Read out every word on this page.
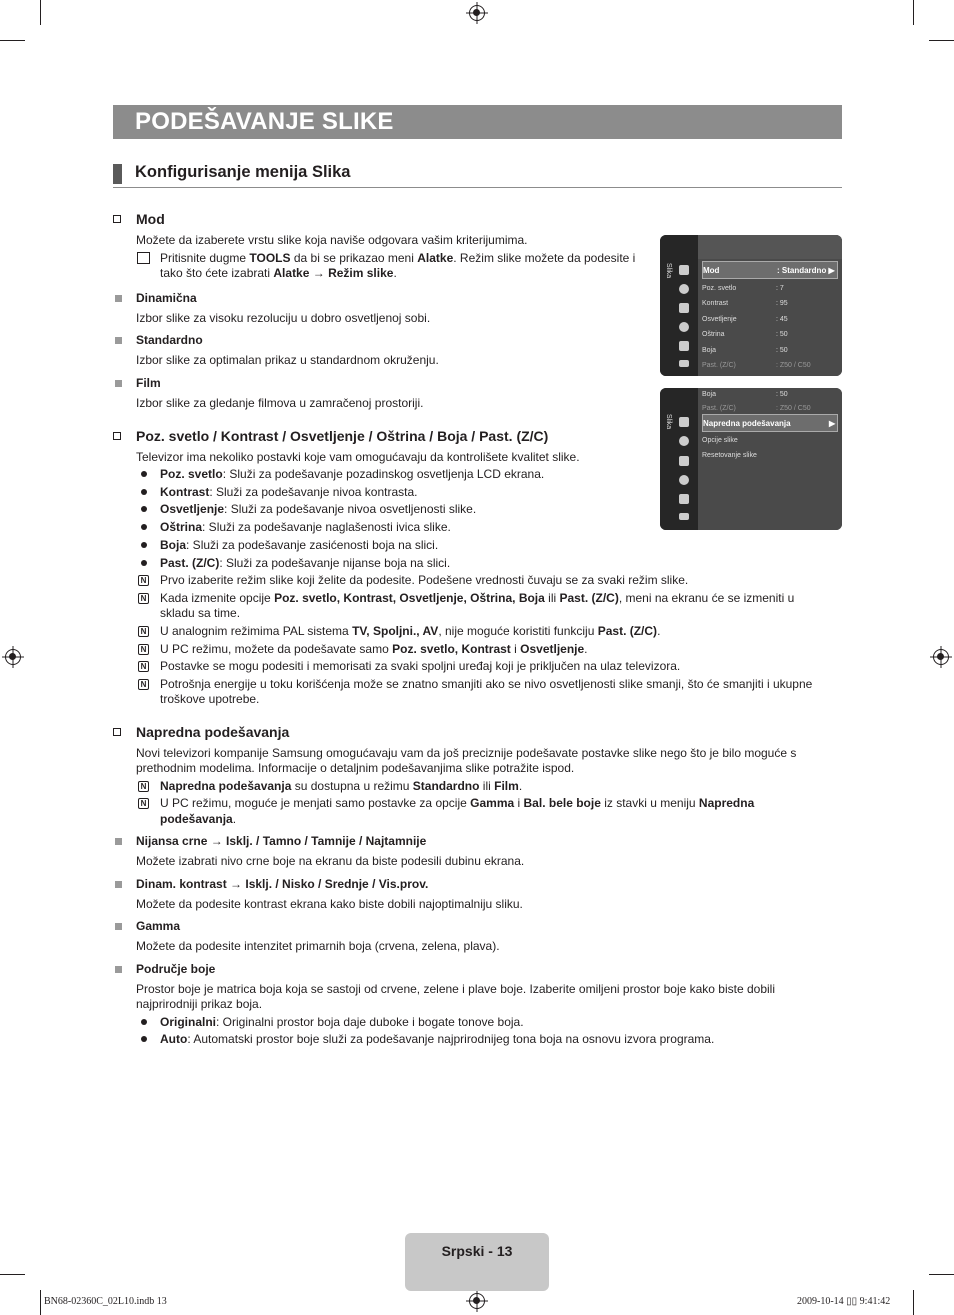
PODEŠAVANJE SLIKE
Konfigurisanje menija Slika
Mod
Možete da izaberete vrstu slike koja naviše odgovara vašim kriterijumima.
Pritisnite dugme TOOLS da bi se prikazao meni Alatke. Režim slike možete da podesite i
tako što ćete izabrati Alatke → Režim slike.
Dinamična
Izbor slike za visoku rezoluciju u dobro osvetljenoj sobi.
Standardno
Izbor slike za optimalan prikaz u standardnom okruženju.
Film
Izbor slike za gledanje filmova u zamračenoj prostoriji.
Slika	Mod	: Standardno ▶
Poz. svetlo	: 7
Kontrast	: 95
Osvetljenje	: 45
Oštrina	: 50
Boja	: 50
Past. (Z/C)	: Z50 / C50
Slika
Boja	: 50
Past. (Z/C)	: Z50 / C50
Napredna podešavanja	▶
Opcije slike
Resetovanje slike
Poz. svetlo / Kontrast / Osvetljenje / Oštrina / Boja / Past. (Z/C)
Televizor ima nekoliko postavki koje vam omogućavaju da kontrolišete kvalitet slike.
Poz. svetlo: Služi za podešavanje pozadinskog osvetljenja LCD ekrana.
Kontrast: Služi za podešavanje nivoa kontrasta.
Osvetljenje: Služi za podešavanje nivoa osvetljenosti slike.
Oštrina: Služi za podešavanje naglašenosti ivica slike.
Boja: Služi za podešavanje zasićenosti boja na slici.
Past. (Z/C): Služi za podešavanje nijanse boja na slici.
N Prvo izaberite režim slike koji želite da podesite. Podešene vrednosti čuvaju se za svaki režim slike.
N Kada izmenite opcije Poz. svetlo, Kontrast, Osvetljenje, Oštrina, Boja ili Past. (Z/C), meni na ekranu će se izmeniti u
skladu sa time.
N U analognim režimima PAL sistema TV, Spoljni., AV, nije moguće koristiti funkciju Past. (Z/C).
N U PC režimu, možete da podešavate samo Poz. svetlo, Kontrast i Osvetljenje.
N Postavke se mogu podesiti i memorisati za svaki spoljni uređaj koji je priključen na ulaz televizora.
N Potrošnja energije u toku korišćenja može se znatno smanjiti ako se nivo osvetljenosti slike smanji, što će smanjiti i ukupne
troškove upotrebe.
Napredna podešavanja
Novi televizori kompanije Samsung omogućavaju vam da još preciznije podešavate postavke slike nego što je bilo moguće s
prethodnim modelima. Informacije o detaljnim podešavanjima slike potražite ispod.
N Napredna podešavanja su dostupna u režimu Standardno ili Film.
N U PC režimu, moguće je menjati samo postavke za opcije Gamma i Bal. bele boje iz stavki u meniju Napredna
podešavanja.
Nijansa crne → Isklj. / Tamno / Tamnije / Najtamnije
Možete izabrati nivo crne boje na ekranu da biste podesili dubinu ekrana.
Dinam. kontrast → Isklj. / Nisko / Srednje / Vis.prov.
Možete da podesite kontrast ekrana kako biste dobili najoptimalniju sliku.
Gamma
Možete da podesite intenzitet primarnih boja (crvena, zelena, plava).
Područje boje
Prostor boje je matrica boja koja se sastoji od crvene, zelene i plave boje. Izaberite omiljeni prostor boje kako biste dobili
najprirodniji prikaz boja.
Originalni: Originalni prostor boja daje duboke i bogate tonove boja.
Auto: Automatski prostor boje služi za podešavanje najprirodnijeg tona boja na osnovu izvora programa.
Srpski - 13
BN68-02360C_02L10.indb 13	2009-10-14 ▯▯ 9:41:42
